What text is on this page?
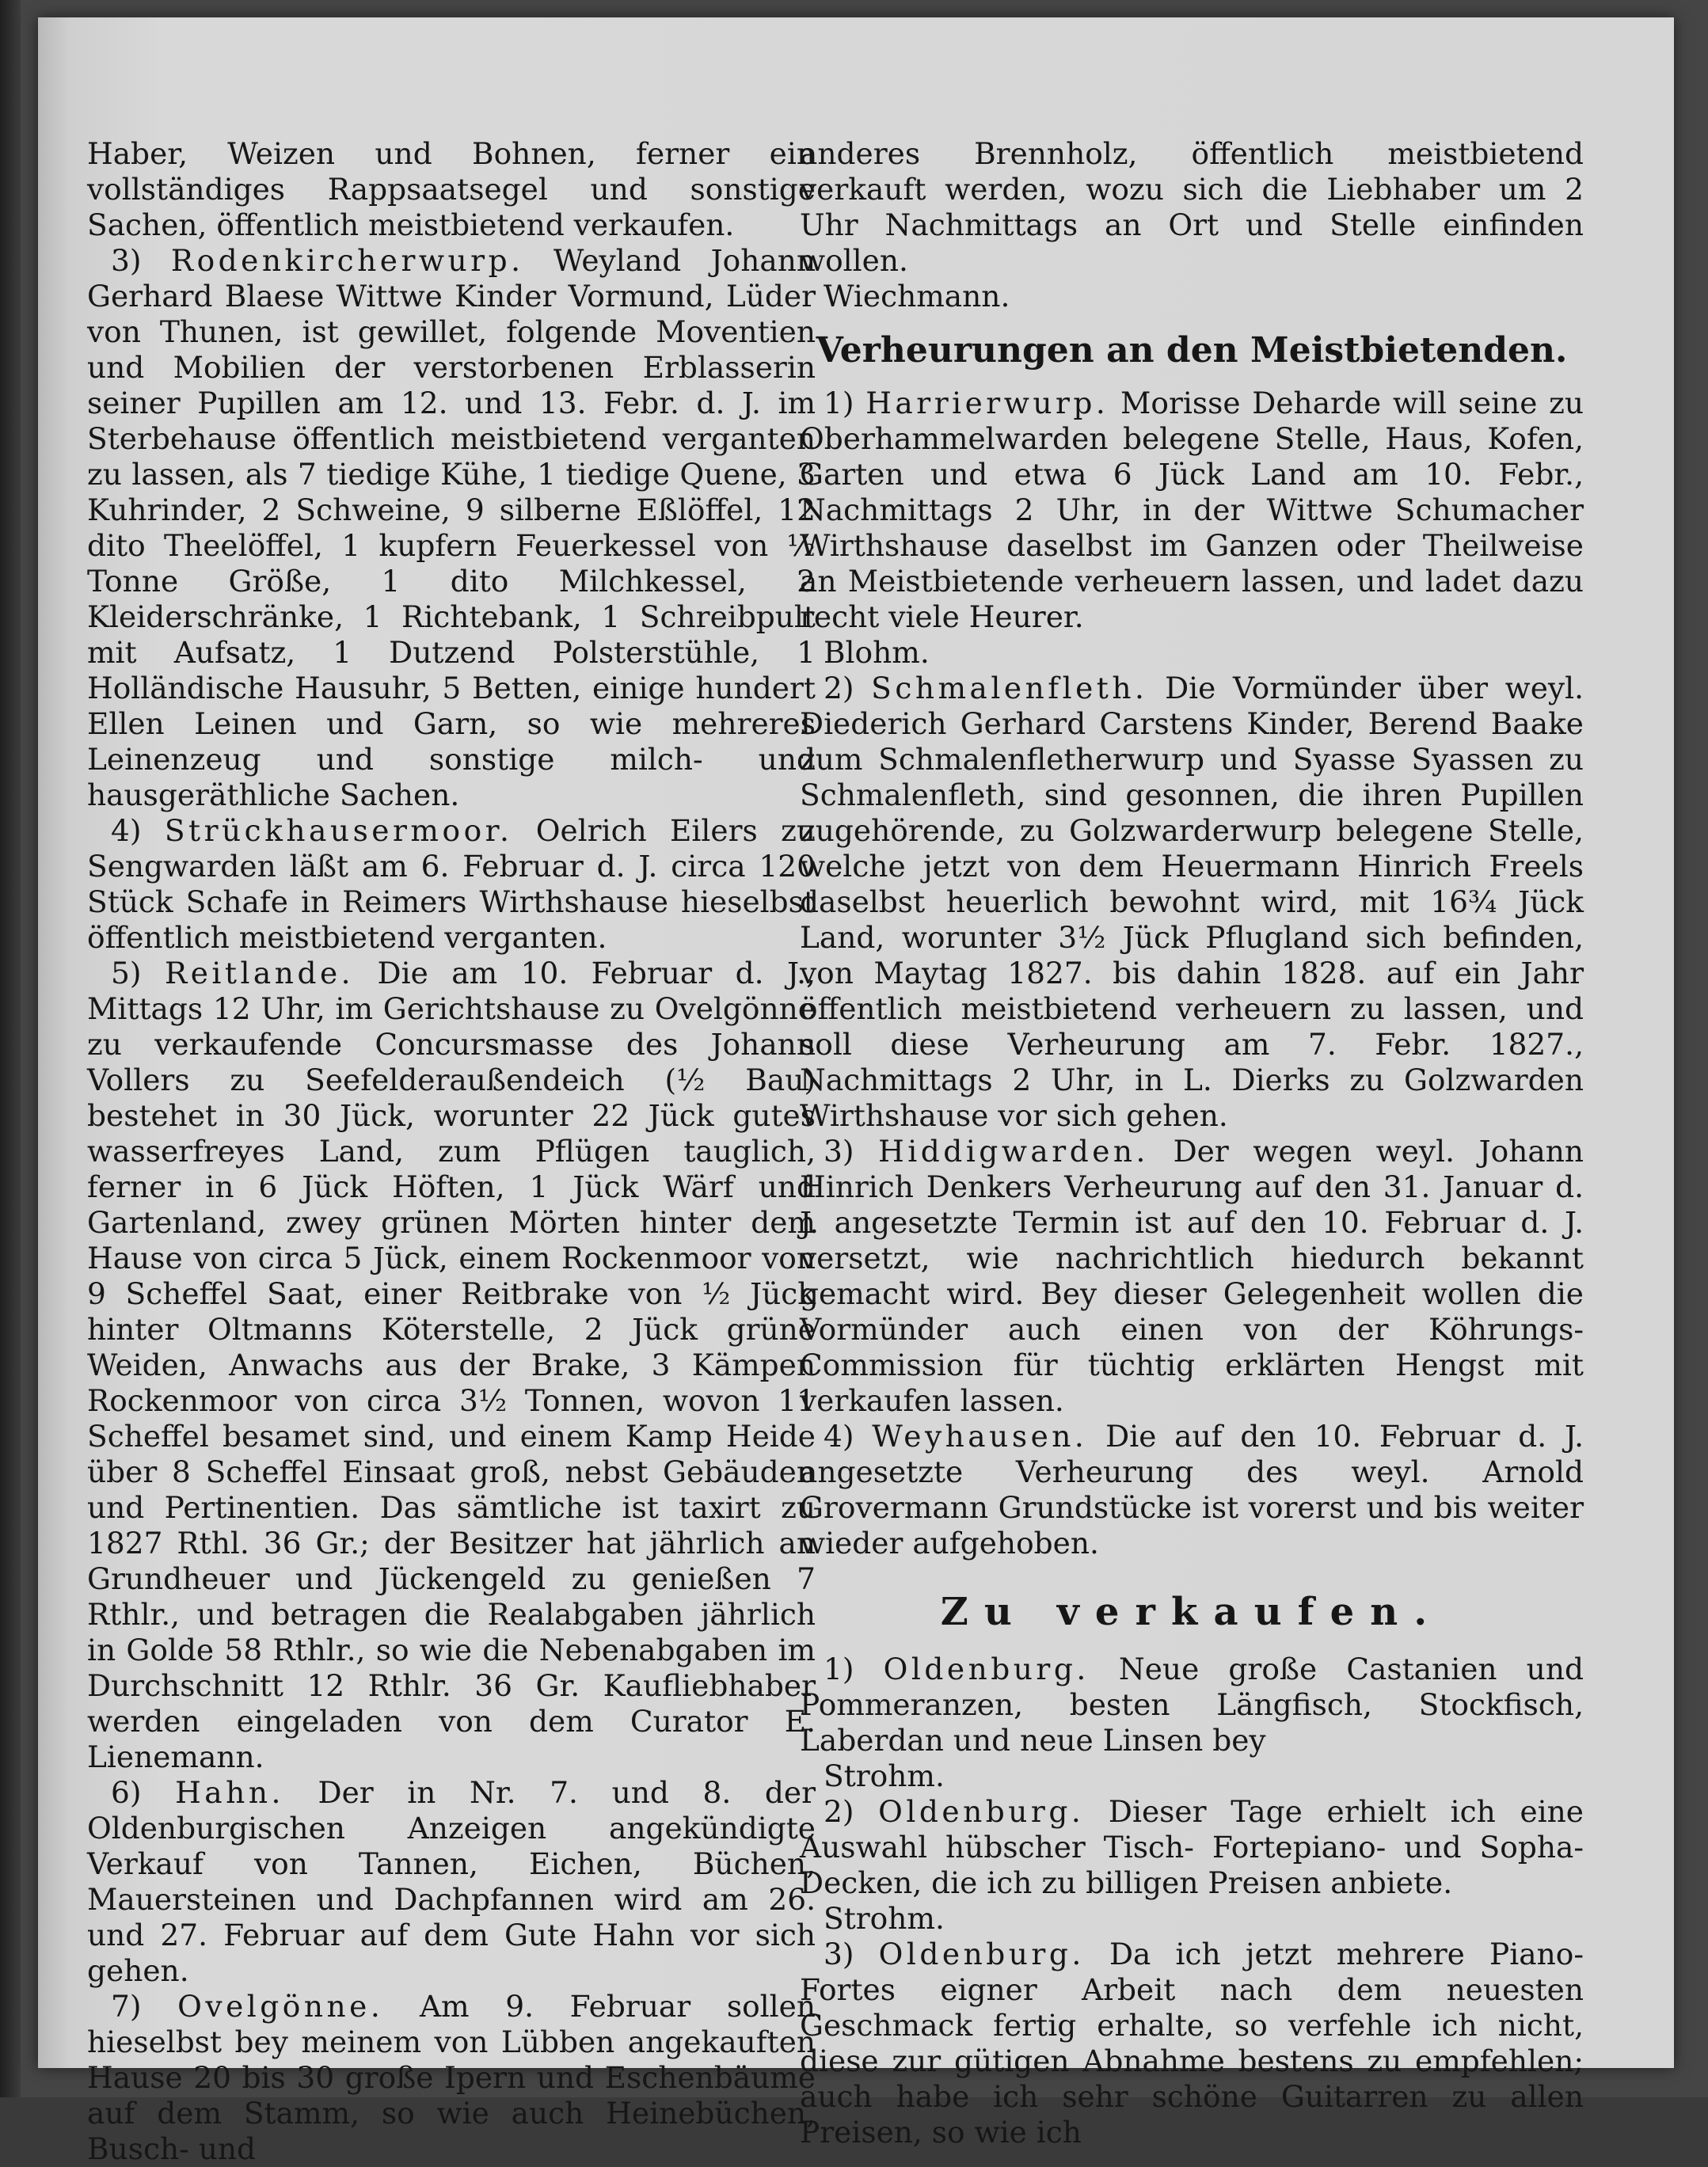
Haber, Weizen und Bohnen, ferner ein vollständiges Rappsaatsegel und sonstige Sachen, öffentlich meistbietend verkaufen.

3) Rodenkircherwurp. Weyland Johann Gerhard Blaese Wittwe Kinder Vormund, Lüder von Thunen, ist gewillet, folgende Moventien und Mobilien der verstorbenen Erblasserin seiner Pupillen am 12. und 13. Febr. d. J. im Sterbehause öffentlich meistbietend verganten zu lassen, als 7 tiedige Kühe, 1 tiedige Quene, 3 Kuhrinder, 2 Schweine, 9 silberne Eßlöffel, 12 dito Theelöffel, 1 kupfern Feuerkessel von ½ Tonne Größe, 1 dito Milchkessel, 2 Kleiderschränke, 1 Richtebank, 1 Schreibpult mit Aufsatz, 1 Dutzend Polsterstühle, 1 Holländische Hausuhr, 5 Betten, einige hundert Ellen Leinen und Garn, so wie mehreres Leinenzeug und sonstige milch- und hausgeräthliche Sachen.

4) Strückhausermoor. Oelrich Eilers zu Sengwarden läßt am 6. Februar d. J. circa 120 Stück Schafe in Reimers Wirthshause hieselbst öffentlich meistbietend verganten.

5) Reitlande. Die am 10. Februar d. J., Mittags 12 Uhr, im Gerichtshause zu Ovelgönne zu verkaufende Concursmasse des Johann Vollers zu Seefelderaußendeich (½ Bau) bestehet in 30 Jück, worunter 22 Jück gutes wasserfreyes Land, zum Pflügen tauglich, ferner in 6 Jück Höften, 1 Jück Wärf und Gartenland, zwey grünen Mörten hinter dem Hause von circa 5 Jück, einem Rockenmoor von 9 Scheffel Saat, einer Reitbrake von ½ Jück hinter Oltmanns Köterstelle, 2 Jück grüne Weiden, Anwachs aus der Brake, 3 Kämpen Rockenmoor von circa 3½ Tonnen, wovon 11 Scheffel besamet sind, und einem Kamp Heide über 8 Scheffel Einsaat groß, nebst Gebäuden und Pertinentien. Das sämtliche ist taxirt zu 1827 Rthl. 36 Gr.; der Besitzer hat jährlich an Grundheuer und Jückengeld zu genießen 7 Rthlr., und betragen die Realabgaben jährlich in Golde 58 Rthlr., so wie die Nebenabgaben im Durchschnitt 12 Rthlr. 36 Gr. Kaufliebhaber werden eingeladen von dem Curator E. Lienemann.

6) Hahn. Der in Nr. 7. und 8. der Oldenburgischen Anzeigen angekündigte Verkauf von Tannen, Eichen, Büchen, Mauersteinen und Dachpfannen wird am 26. und 27. Februar auf dem Gute Hahn vor sich gehen.

7) Ovelgönne. Am 9. Februar sollen hieselbst bey meinem von Lübben angekauften Hause 20 bis 30 große Ipern und Eschenbäume auf dem Stamm, so wie auch Heinebüchen, Busch- und

anderes Brennholz, öffentlich meistbietend verkauft werden, wozu sich die Liebhaber um 2 Uhr Nachmittags an Ort und Stelle einfinden wollen.

Wiechmann.

Verheurungen an den Meistbietenden.

1) Harrierwurp. Morisse Deharde will seine zu Oberhammelwarden belegene Stelle, Haus, Kofen, Garten und etwa 6 Jück Land am 10. Febr., Nachmittags 2 Uhr, in der Wittwe Schumacher Wirthshause daselbst im Ganzen oder Theilweise an Meistbietende verheuern lassen, und ladet dazu recht viele Heurer.

Blohm.

2) Schmalenfleth. Die Vormünder über weyl. Diederich Gerhard Carstens Kinder, Berend Baake zum Schmalenfletherwurp und Syasse Syassen zu Schmalenfleth, sind gesonnen, die ihren Pupillen zugehörende, zu Golzwarderwurp belegene Stelle, welche jetzt von dem Heuermann Hinrich Freels daselbst heuerlich bewohnt wird, mit 16¾ Jück Land, worunter 3½ Jück Pflugland sich befinden, von Maytag 1827. bis dahin 1828. auf ein Jahr öffentlich meistbietend verheuern zu lassen, und soll diese Verheurung am 7. Febr. 1827., Nachmittags 2 Uhr, in L. Dierks zu Golzwarden Wirthshause vor sich gehen.

3) Hiddigwarden. Der wegen weyl. Johann Hinrich Denkers Verheurung auf den 31. Januar d. J. angesetzte Termin ist auf den 10. Februar d. J. versetzt, wie nachrichtlich hiedurch bekannt gemacht wird. Bey dieser Gelegenheit wollen die Vormünder auch einen von der Köhrungs-Commission für tüchtig erklärten Hengst mit verkaufen lassen.

4) Weyhausen. Die auf den 10. Februar d. J. angesetzte Verheurung des weyl. Arnold Grovermann Grundstücke ist vorerst und bis weiter wieder aufgehoben.

Zu verkaufen.

1) Oldenburg. Neue große Castanien und Pommeranzen, besten Längfisch, Stockfisch, Laberdan und neue Linsen bey

Strohm.

2) Oldenburg. Dieser Tage erhielt ich eine Auswahl hübscher Tisch- Fortepiano- und Sopha-Decken, die ich zu billigen Preisen anbiete.

Strohm.

3) Oldenburg. Da ich jetzt mehrere Piano-Fortes eigner Arbeit nach dem neuesten Geschmack fertig erhalte, so verfehle ich nicht, diese zur gütigen Abnahme bestens zu empfehlen; auch habe ich sehr schöne Guitarren zu allen Preisen, so wie ich
